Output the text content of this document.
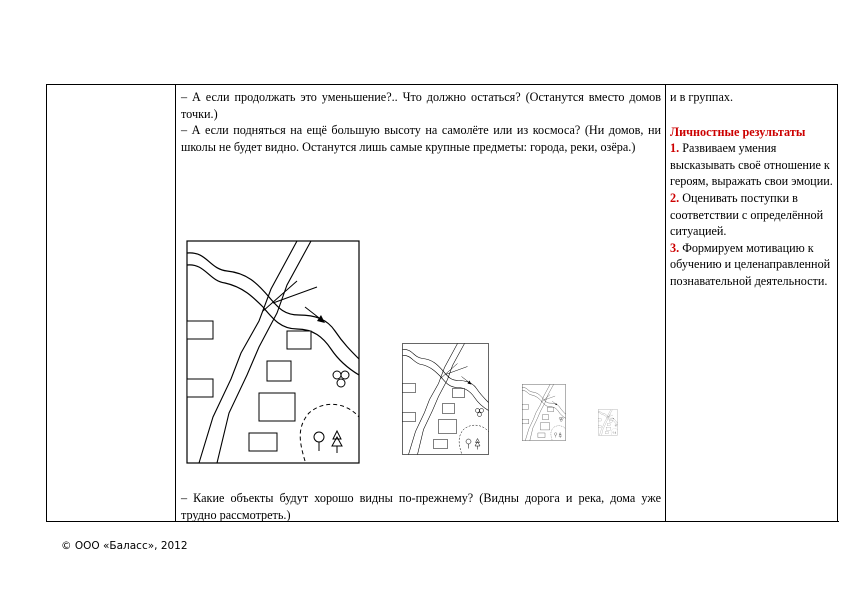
– А если продолжать это уменьшение?.. Что должно остаться? (Останутся вместо домов точки.)

– А если подняться на ещё большую высоту на самолёте или из космоса? (Ни домов, ни школы не будет видно. Останутся лишь самые крупные предметы: города, реки, озёра.)

– Какие объекты будут хорошо видны по-прежнему? (Видны дорога и река, дома уже трудно рассмотреть.)

и в группах.

Личностные результаты

1. Развиваем умения высказывать своё отношение к героям, выражать свои эмоции.

2. Оценивать поступки в соответствии с определённой ситуацией.

3. Формируем мотивацию к обучению и целенаправленной познавательной деятельности.

© ООО «Баласс», 2012
